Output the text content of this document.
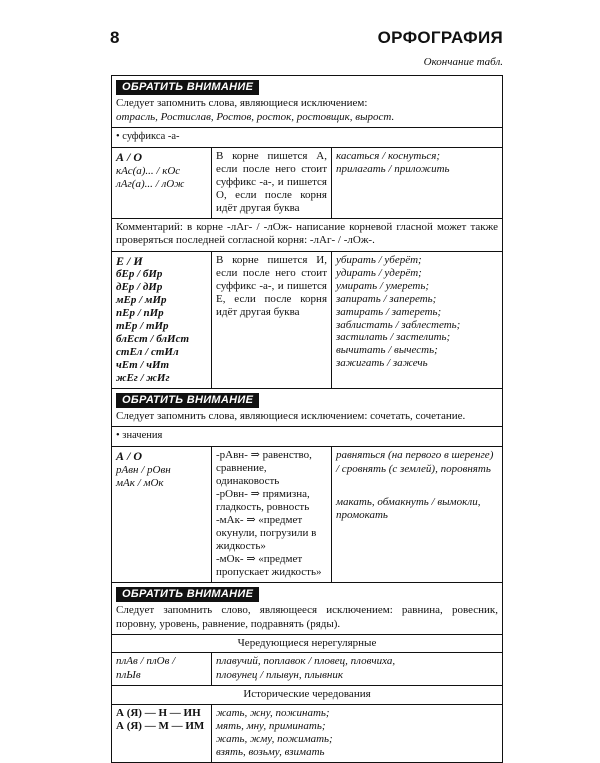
8	ОРФОГРАФИЯ
Окончание табл.
ОБРАТИТЬ ВНИМАНИЕ
Следует запомнить слова, являющиеся исключением:
отрасль, Ростислав, Ростов, росток, ростовщик, вырост.
• суффикса -а-
А / О
кАс(а)... / кОс
лАг(а)... / лОж
В корне пишется А, если после него стоит суффикс -а-, и пишется О, если после корня идёт другая буква
касаться / коснуться;
прилагать / приложить
Комментарий: в корне -лАг- / -лОж- написание корневой гласной может также проверяться последней согласной корня: -лАг- / -лОж-.
Е / И
бЕр / бИр
дЕр / дИр
мЕр / мИр
пЕр / пИр
тЕр / тИр
блЕст / блИст
стЕл / стИл
чЕт / чИт
жЕг / жИг
В корне пишется И, если после него стоит суффикс -а-, и пишется Е, если после корня идёт другая буква
убирать / уберёт;
удирать / удерёт;
умирать / умереть;
запирать / запереть;
затирать / затереть;
заблистать / заблестеть;
застилать / застелить;
вычитать / вычесть;
зажигать / зажечь
ОБРАТИТЬ ВНИМАНИЕ
Следует запомнить слова, являющиеся исключением: сочетать, сочетание.
• значения
А / О
рАвн / рОвн
мАк / мОк
-рАвн- ⇒ равенство, сравнение, одинаковость
-рОвн- ⇒ прямизна, гладкость, ровность
-мАк- ⇒ «предмет окунули, погрузили в жидкость»
-мОк- ⇒ «предмет пропускает жидкость»
равняться (на первого в шеренге) / сровнять (с землей), поровнять
макать, обмакнуть / вымокли, промокать
ОБРАТИТЬ ВНИМАНИЕ
Следует запомнить слово, являющееся исключением: равнина, ровесник, поровну, уровень, равнение, подравнять (ряды).
Чередующиеся нерегулярные
плАв / плОв /
плЫв
плавучий, поплавок / пловец, пловчиха,
пловунец / плывун, плывник
Исторические чередования
А (Я) — Н — ИН
А (Я) — М — ИМ
жать, жну, пожинать;
мять, мну, приминать;
жать, жму, пожимать;
взять, возьму, взимать
